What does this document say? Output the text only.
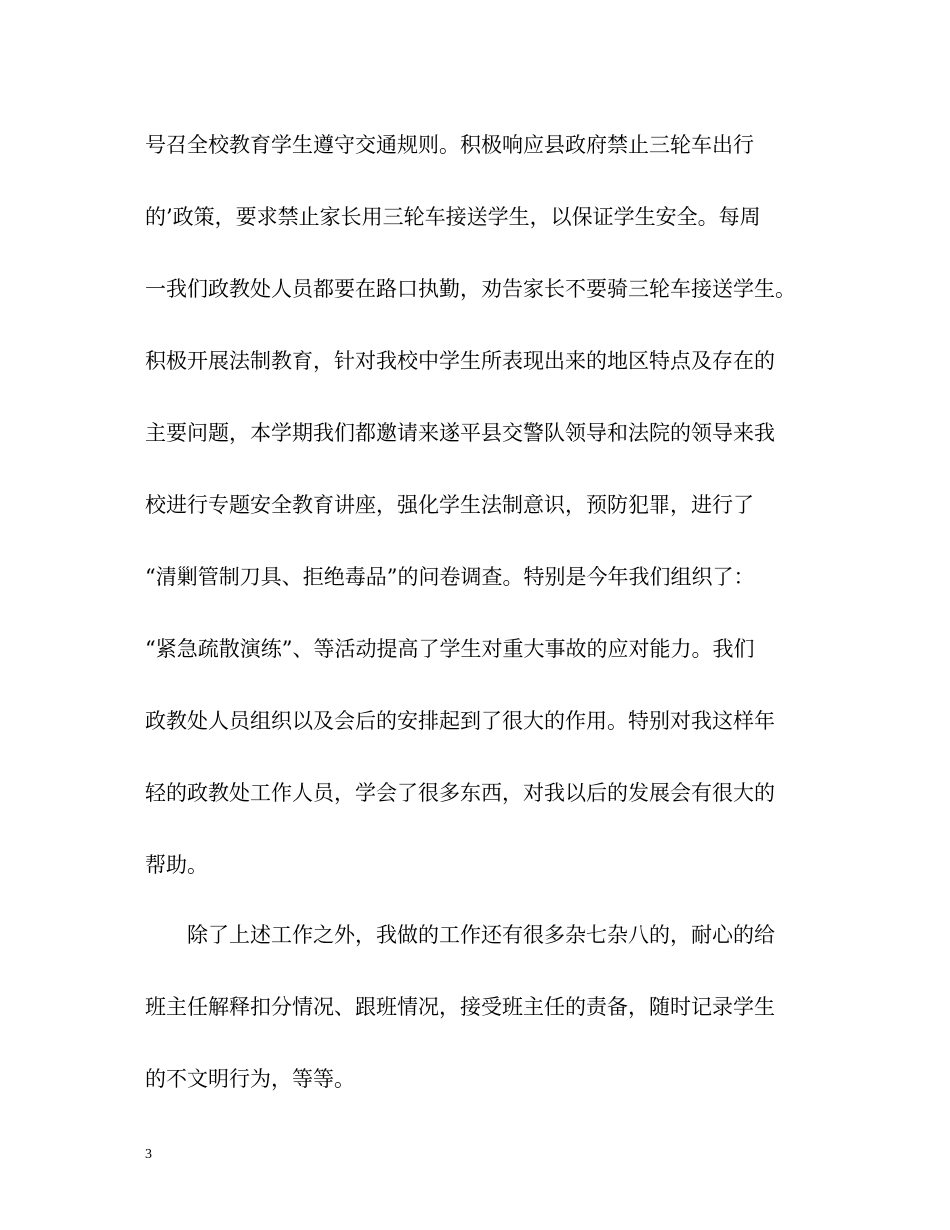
号召全校教育学生遵守交通规则。积极响应县政府禁止三轮车出行
的’政策，要求禁止家长用三轮车接送学生，以保证学生安全。每周
一我们政教处人员都要在路口执勤，劝告家长不要骑三轮车接送学生。
积极开展法制教育，针对我校中学生所表现出来的地区特点及存在的
主要问题，本学期我们都邀请来遂平县交警队领导和法院的领导来我
校进行专题安全教育讲座，强化学生法制意识，预防犯罪，进行了
“清剿管制刀具、拒绝毒品”的问卷调查。特别是今年我们组织了：
“紧急疏散演练”、等活动提高了学生对重大事故的应对能力。我们
政教处人员组织以及会后的安排起到了很大的作用。特别对我这样年
轻的政教处工作人员，学会了很多东西，对我以后的发展会有很大的
帮助。
除了上述工作之外，我做的工作还有很多杂七杂八的，耐心的给
班主任解释扣分情况、跟班情况，接受班主任的责备，随时记录学生
的不文明行为，等等。
3
